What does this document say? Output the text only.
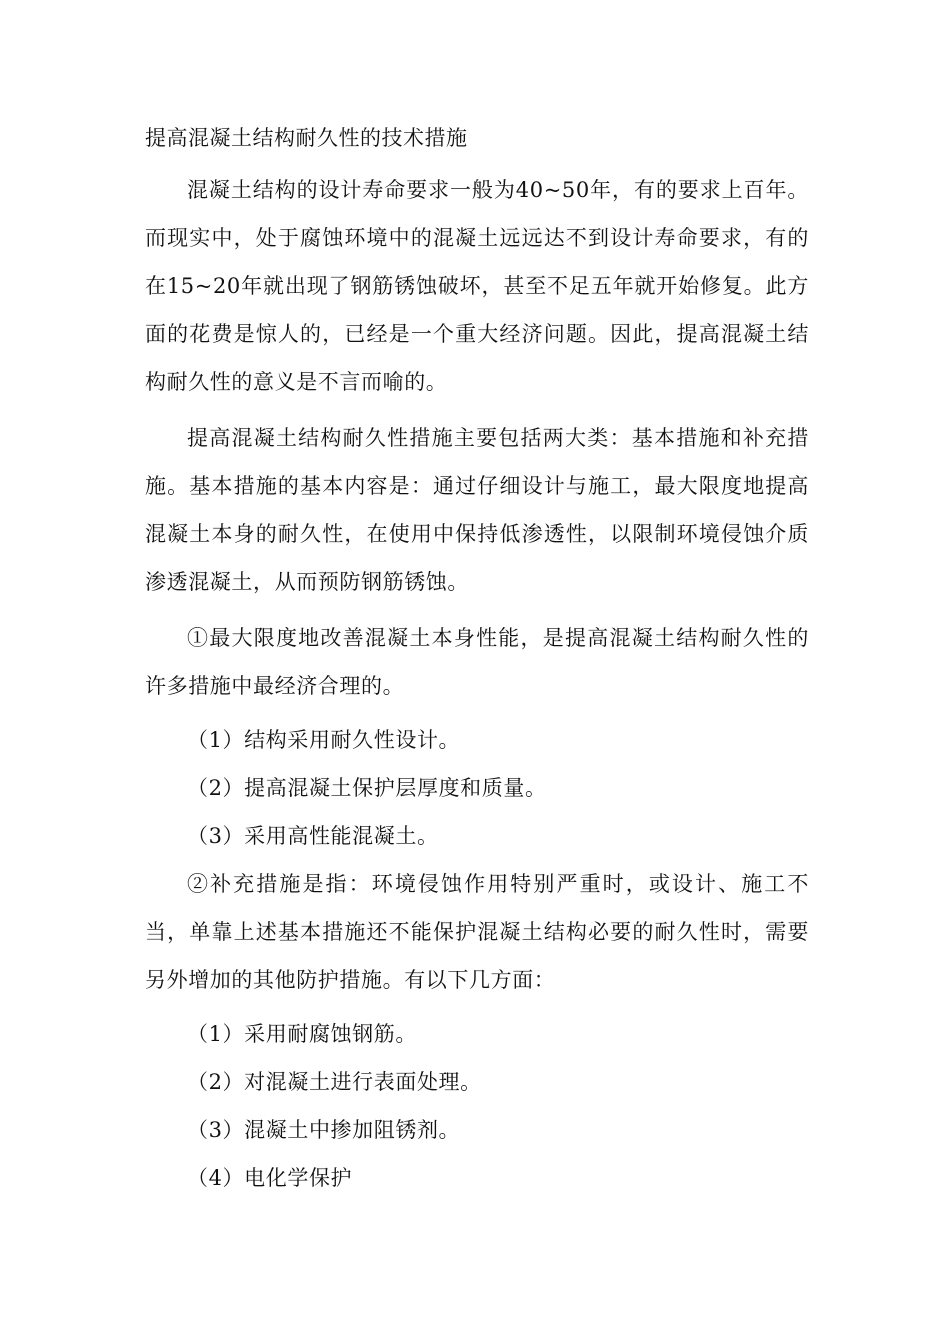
提高混凝土结构耐久性的技术措施

混凝土结构的设计寿命要求一般为40~50年，有的要求上百年。而现实中，处于腐蚀环境中的混凝土远远达不到设计寿命要求，有的在15~20年就出现了钢筋锈蚀破坏，甚至不足五年就开始修复。此方面的花费是惊人的，已经是一个重大经济问题。因此，提高混凝土结构耐久性的意义是不言而喻的。

提高混凝土结构耐久性措施主要包括两大类：基本措施和补充措施。基本措施的基本内容是：通过仔细设计与施工，最大限度地提高混凝土本身的耐久性，在使用中保持低渗透性，以限制环境侵蚀介质渗透混凝土，从而预防钢筋锈蚀。

①最大限度地改善混凝土本身性能，是提高混凝土结构耐久性的许多措施中最经济合理的。

（1）结构采用耐久性设计。

（2）提高混凝土保护层厚度和质量。

（3）采用高性能混凝土。

②补充措施是指：环境侵蚀作用特别严重时，或设计、施工不当，单靠上述基本措施还不能保护混凝土结构必要的耐久性时，需要另外增加的其他防护措施。有以下几方面：

（1）采用耐腐蚀钢筋。

（2）对混凝土进行表面处理。

（3）混凝土中掺加阻锈剂。

（4）电化学保护
